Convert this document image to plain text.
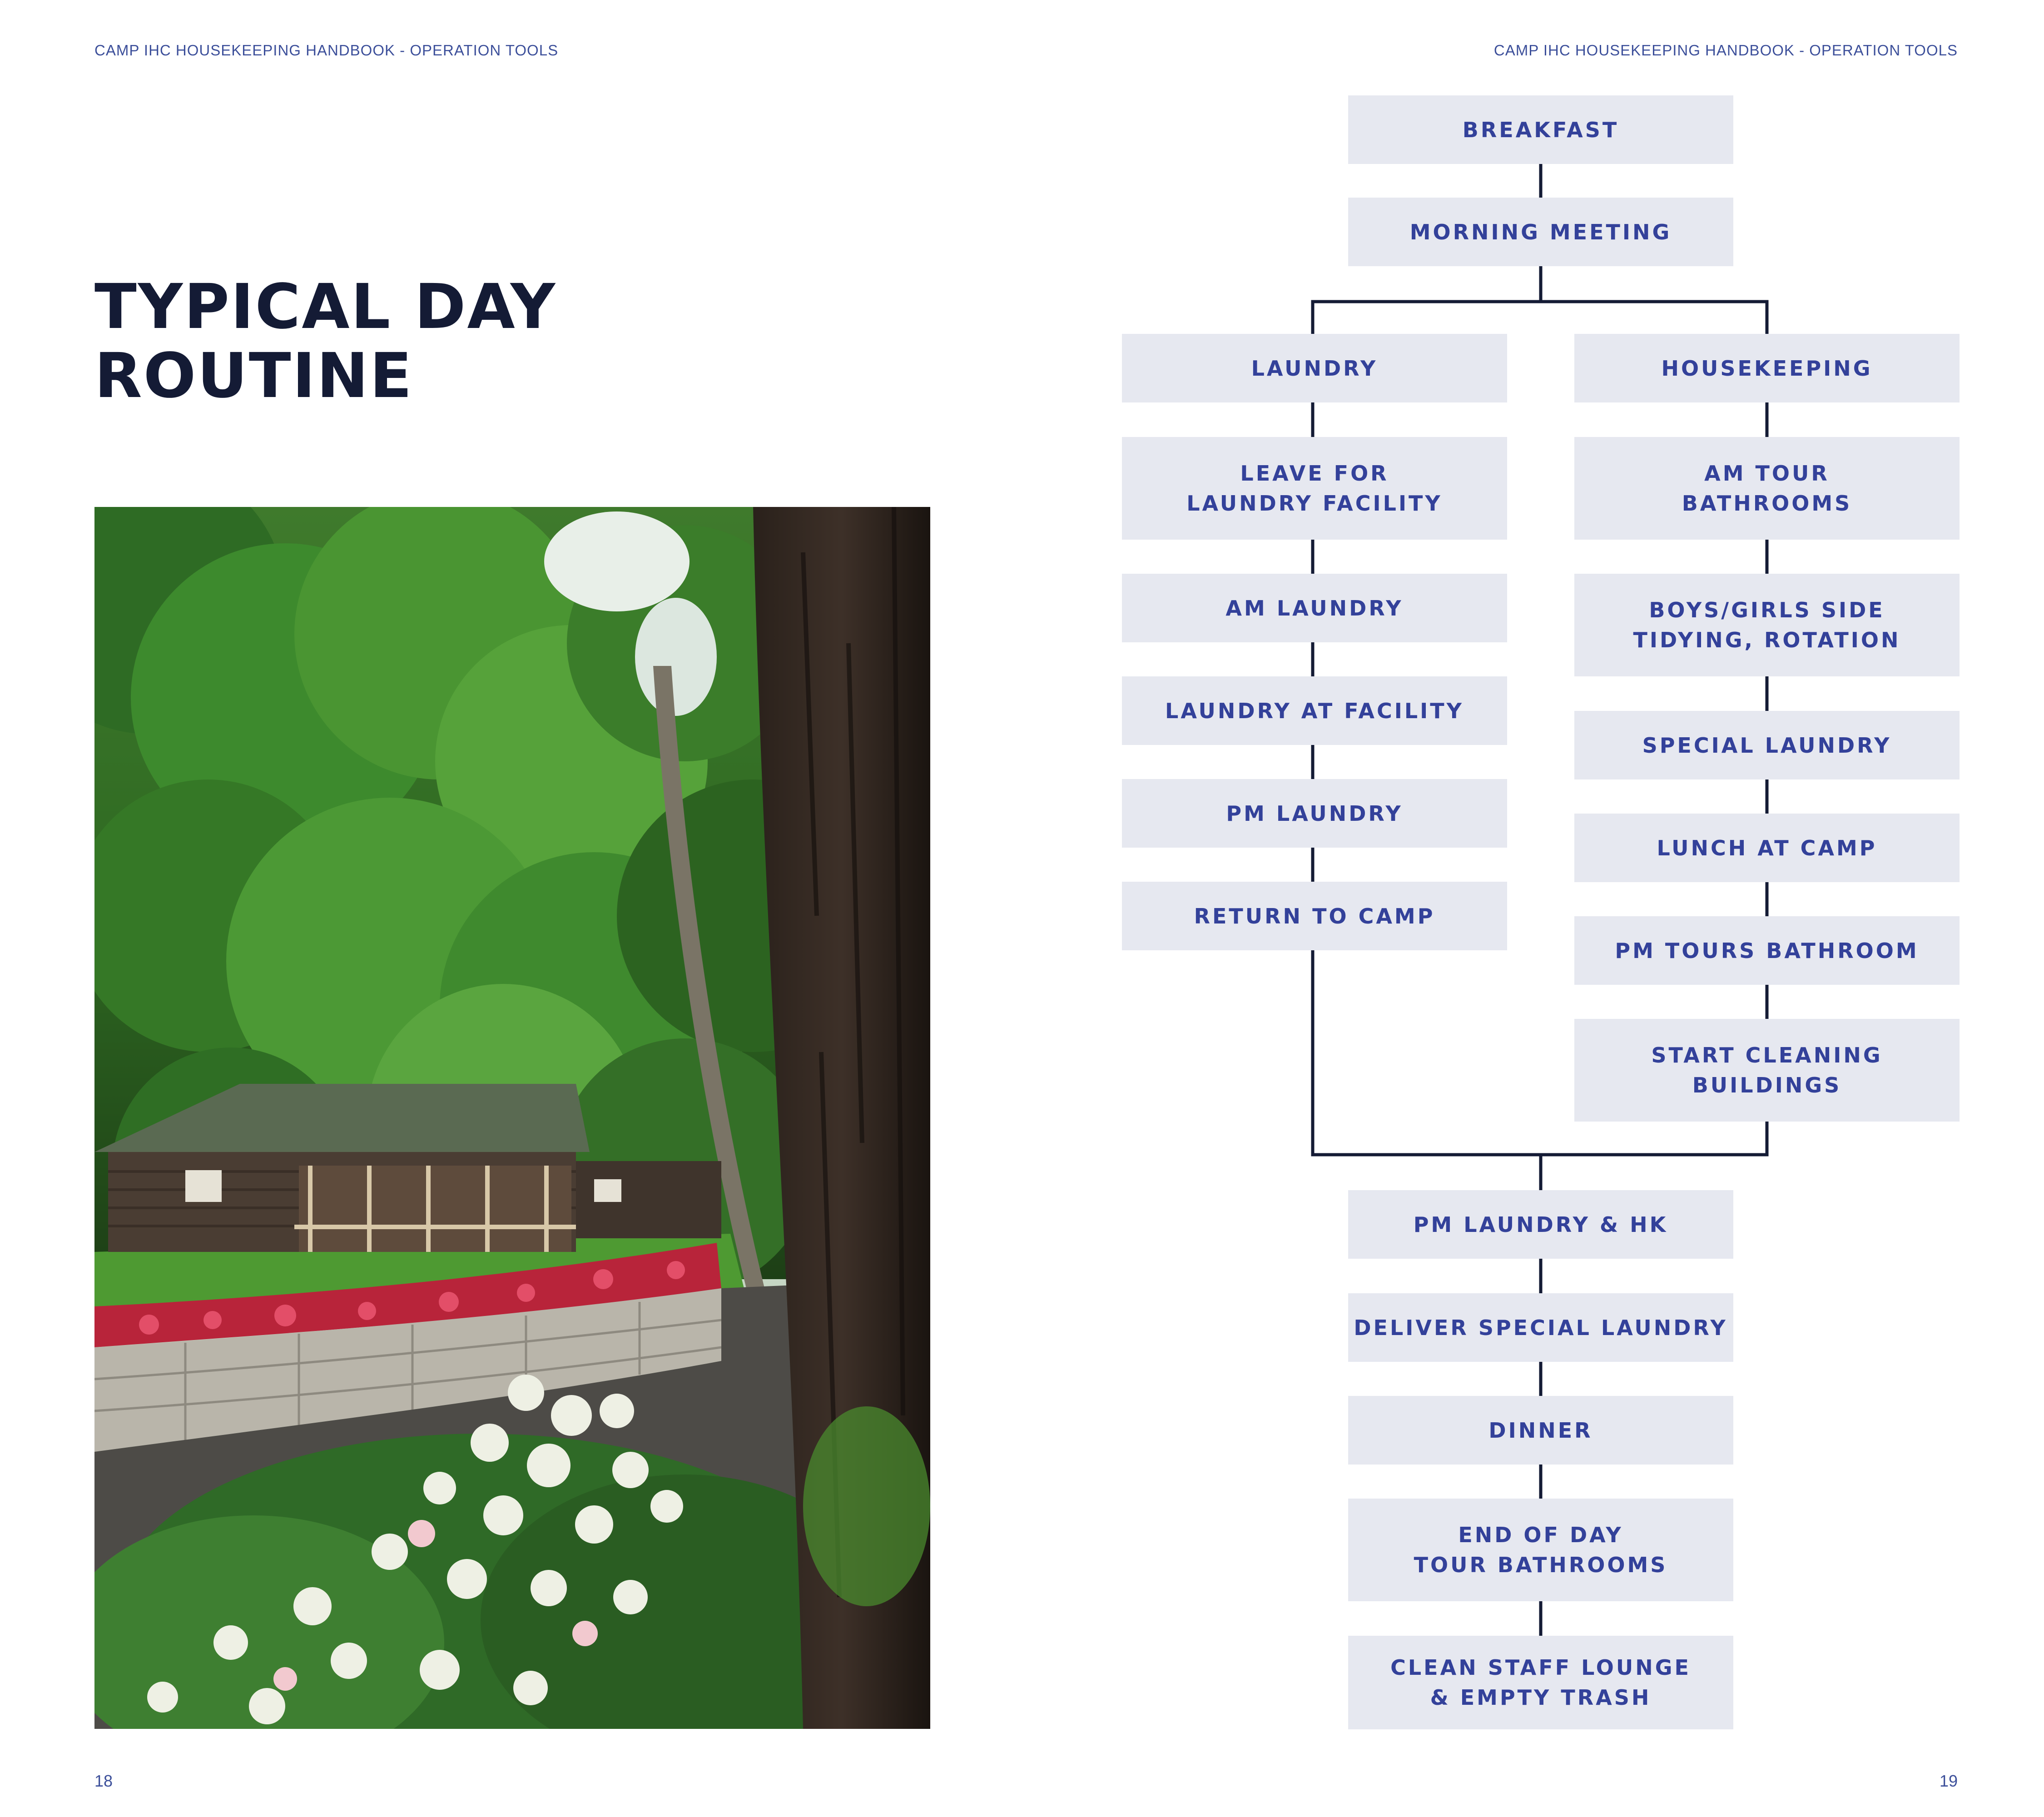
CAMP IHC HOUSEKEEPING HANDBOOK - OPERATION TOOLS	CAMP IHC HOUSEKEEPING HANDBOOK - OPERATION TOOLS
TYPICAL DAY
ROUTINE
BREAKFAST
MORNING MEETING
LAUNDRY
LEAVE FOR
LAUNDRY FACILITY
AM LAUNDRY
LAUNDRY AT FACILITY
PM LAUNDRY
RETURN TO CAMP
HOUSEKEEPING
AM TOUR
BATHROOMS
BOYS/GIRLS SIDE
TIDYING, ROTATION
SPECIAL LAUNDRY
LUNCH AT CAMP
PM TOURS BATHROOM
START CLEANING
BUILDINGS
PM LAUNDRY & HK
DELIVER SPECIAL LAUNDRY
DINNER
END OF DAY
TOUR BATHROOMS
CLEAN STAFF LOUNGE
& EMPTY TRASH
18	19
